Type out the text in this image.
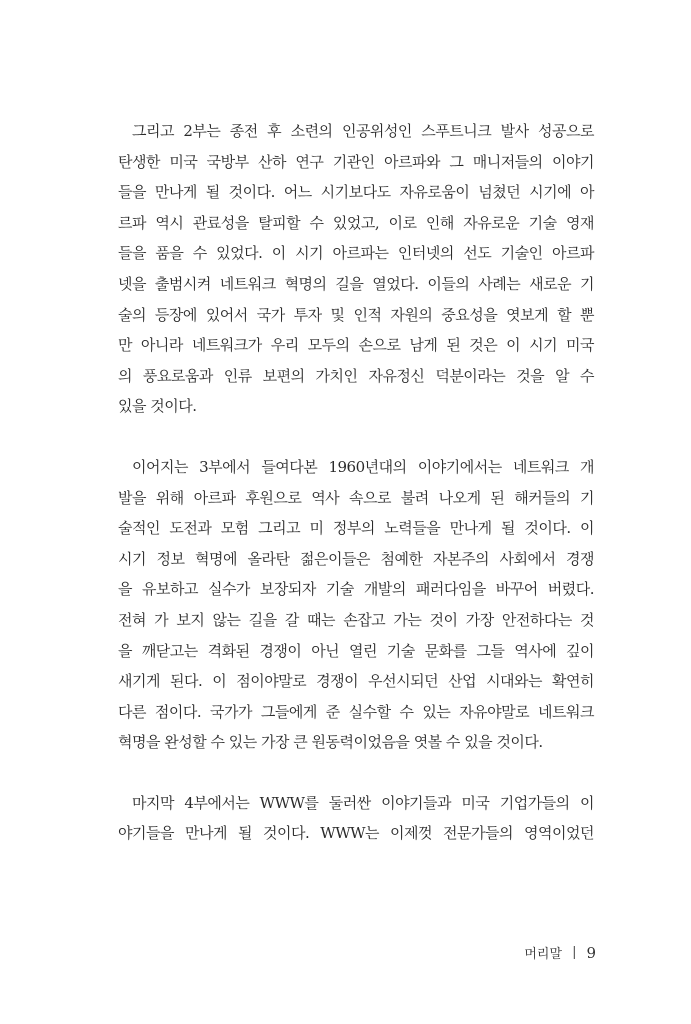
그리고 2부는 종전 후 소련의 인공위성인 스푸트니크 발사 성공으로
탄생한 미국 국방부 산하 연구 기관인 아르파와 그 매니저들의 이야기
들을 만나게 될 것이다. 어느 시기보다도 자유로움이 넘쳤던 시기에 아
르파 역시 관료성을 탈피할 수 있었고, 이로 인해 자유로운 기술 영재
들을 품을 수 있었다. 이 시기 아르파는 인터넷의 선도 기술인 아르파
넷을 출범시켜 네트워크 혁명의 길을 열었다. 이들의 사례는 새로운 기
술의 등장에 있어서 국가 투자 및 인적 자원의 중요성을 엿보게 할 뿐
만 아니라 네트워크가 우리 모두의 손으로 남게 된 것은 이 시기 미국
의 풍요로움과 인류 보편의 가치인 자유정신 덕분이라는 것을 알 수
있을 것이다.
이어지는 3부에서 들여다본 1960년대의 이야기에서는 네트워크 개
발을 위해 아르파 후원으로 역사 속으로 불려 나오게 된 해커들의 기
술적인 도전과 모험 그리고 미 정부의 노력들을 만나게 될 것이다. 이
시기 정보 혁명에 올라탄 젊은이들은 첨예한 자본주의 사회에서 경쟁
을 유보하고 실수가 보장되자 기술 개발의 패러다임을 바꾸어 버렸다.
전혀 가 보지 않는 길을 갈 때는 손잡고 가는 것이 가장 안전하다는 것
을 깨닫고는 격화된 경쟁이 아닌 열린 기술 문화를 그들 역사에 깊이
새기게 된다. 이 점이야말로 경쟁이 우선시되던 산업 시대와는 확연히
다른 점이다. 국가가 그들에게 준 실수할 수 있는 자유야말로 네트워크
혁명을 완성할 수 있는 가장 큰 원동력이었음을 엿볼 수 있을 것이다.
마지막 4부에서는 WWW를 둘러싼 이야기들과 미국 기업가들의 이
야기들을 만나게 될 것이다. WWW는 이제껏 전문가들의 영역이었던
머리말 | 9
